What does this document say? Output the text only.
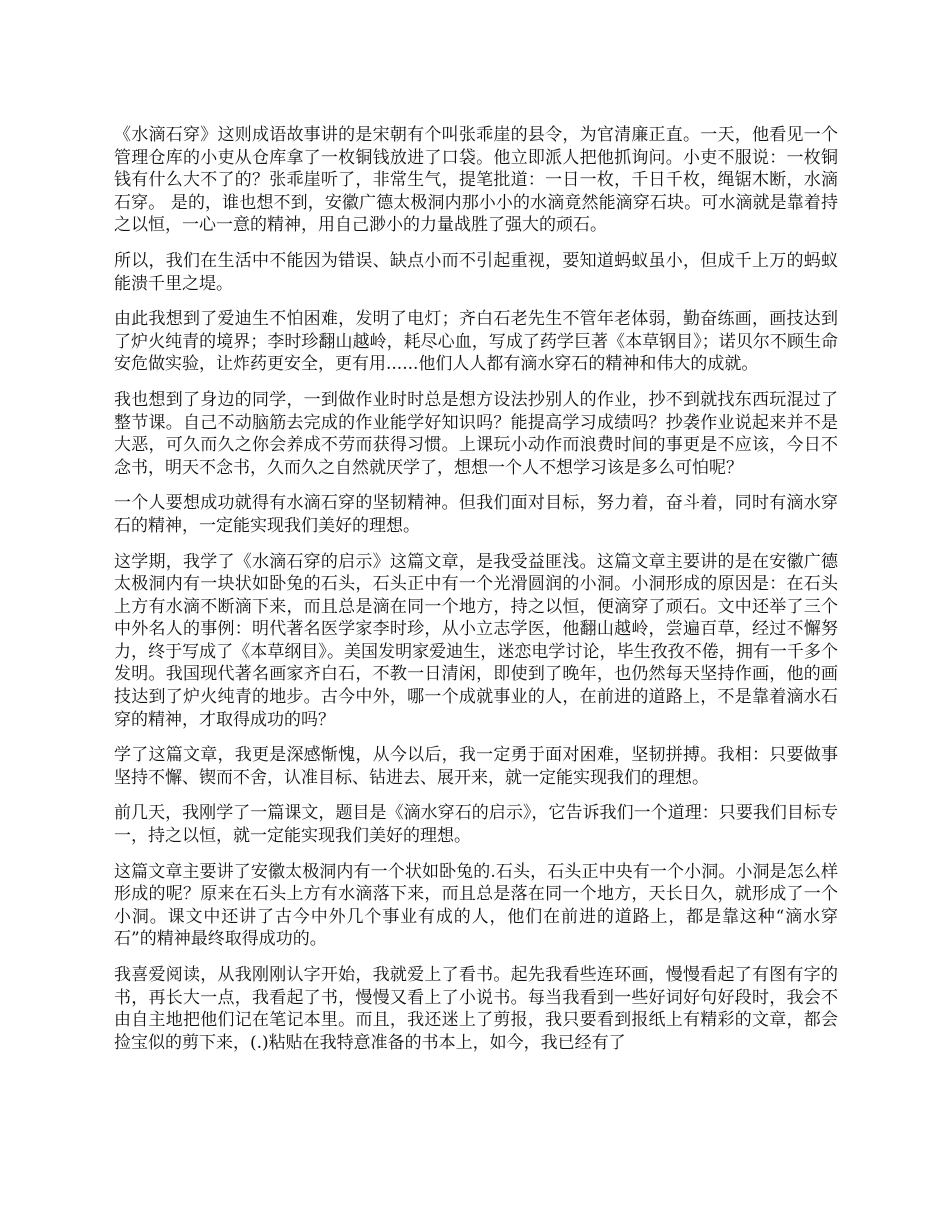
《水滴石穿》这则成语故事讲的是宋朝有个叫张乖崖的县令，为官清廉正直。一天，他看见一个管理仓库的小吏从仓库拿了一枚铜钱放进了口袋。他立即派人把他抓询问。小吏不服说：一枚铜钱有什么大不了的？张乖崖听了，非常生气，提笔批道：一日一枚，千日千枚，绳锯木断，水滴石穿。 是的，谁也想不到，安徽广德太极洞内那小小的水滴竟然能滴穿石块。可水滴就是靠着持之以恒，一心一意的精神，用自己渺小的力量战胜了强大的顽石。

所以，我们在生活中不能因为错误、缺点小而不引起重视，要知道蚂蚁虽小，但成千上万的蚂蚁能溃千里之堤。

由此我想到了爱迪生不怕困难，发明了电灯；齐白石老先生不管年老体弱，勤奋练画，画技达到了炉火纯青的境界；李时珍翻山越岭，耗尽心血，写成了药学巨著《本草钢目》；诺贝尔不顾生命安危做实验，让炸药更安全，更有用......他们人人都有滴水穿石的精神和伟大的成就。

我也想到了身边的同学，一到做作业时时总是想方设法抄别人的作业，抄不到就找东西玩混过了整节课。自己不动脑筋去完成的作业能学好知识吗？能提高学习成绩吗？抄袭作业说起来并不是大恶，可久而久之你会养成不劳而获得习惯。上课玩小动作而浪费时间的事更是不应该，今日不念书，明天不念书，久而久之自然就厌学了，想想一个人不想学习该是多么可怕呢？

一个人要想成功就得有水滴石穿的坚韧精神。但我们面对目标，努力着，奋斗着，同时有滴水穿石的精神，一定能实现我们美好的理想。

这学期，我学了《水滴石穿的启示》这篇文章，是我受益匪浅。这篇文章主要讲的是在安徽广德太极洞内有一块状如卧兔的石头，石头正中有一个光滑圆润的小洞。小洞形成的原因是：在石头上方有水滴不断滴下来，而且总是滴在同一个地方，持之以恒，便滴穿了顽石。文中还举了三个中外名人的事例：明代著名医学家李时珍，从小立志学医，他翻山越岭，尝遍百草，经过不懈努力，终于写成了《本草纲目》。美国发明家爱迪生，迷恋电学讨论，毕生孜孜不倦，拥有一千多个发明。我国现代著名画家齐白石，不教一日清闲，即使到了晚年，也仍然每天坚持作画，他的画技达到了炉火纯青的地步。古今中外，哪一个成就事业的人，在前进的道路上，不是靠着滴水石穿的精神，才取得成功的吗？

学了这篇文章，我更是深感惭愧，从今以后，我一定勇于面对困难，坚韧拼搏。我相：只要做事坚持不懈、锲而不舍，认准目标、钻进去、展开来，就一定能实现我们的理想。

前几天，我刚学了一篇课文，题目是《滴水穿石的启示》，它告诉我们一个道理：只要我们目标专一，持之以恒，就一定能实现我们美好的理想。

这篇文章主要讲了安徽太极洞内有一个状如卧兔的.石头，石头正中央有一个小洞。小洞是怎么样形成的呢？原来在石头上方有水滴落下来，而且总是落在同一个地方，天长日久，就形成了一个小洞。课文中还讲了古今中外几个事业有成的人，他们在前进的道路上，都是靠这种“滴水穿石”的精神最终取得成功的。

我喜爱阅读，从我刚刚认字开始，我就爱上了看书。起先我看些连环画，慢慢看起了有图有字的书，再长大一点，我看起了书，慢慢又看上了小说书。每当我看到一些好词好句好段时，我会不由自主地把他们记在笔记本里。而且，我还迷上了剪报，我只要看到报纸上有精彩的文章，都会捡宝似的剪下来，(.)粘贴在我特意准备的书本上，如今，我已经有了
